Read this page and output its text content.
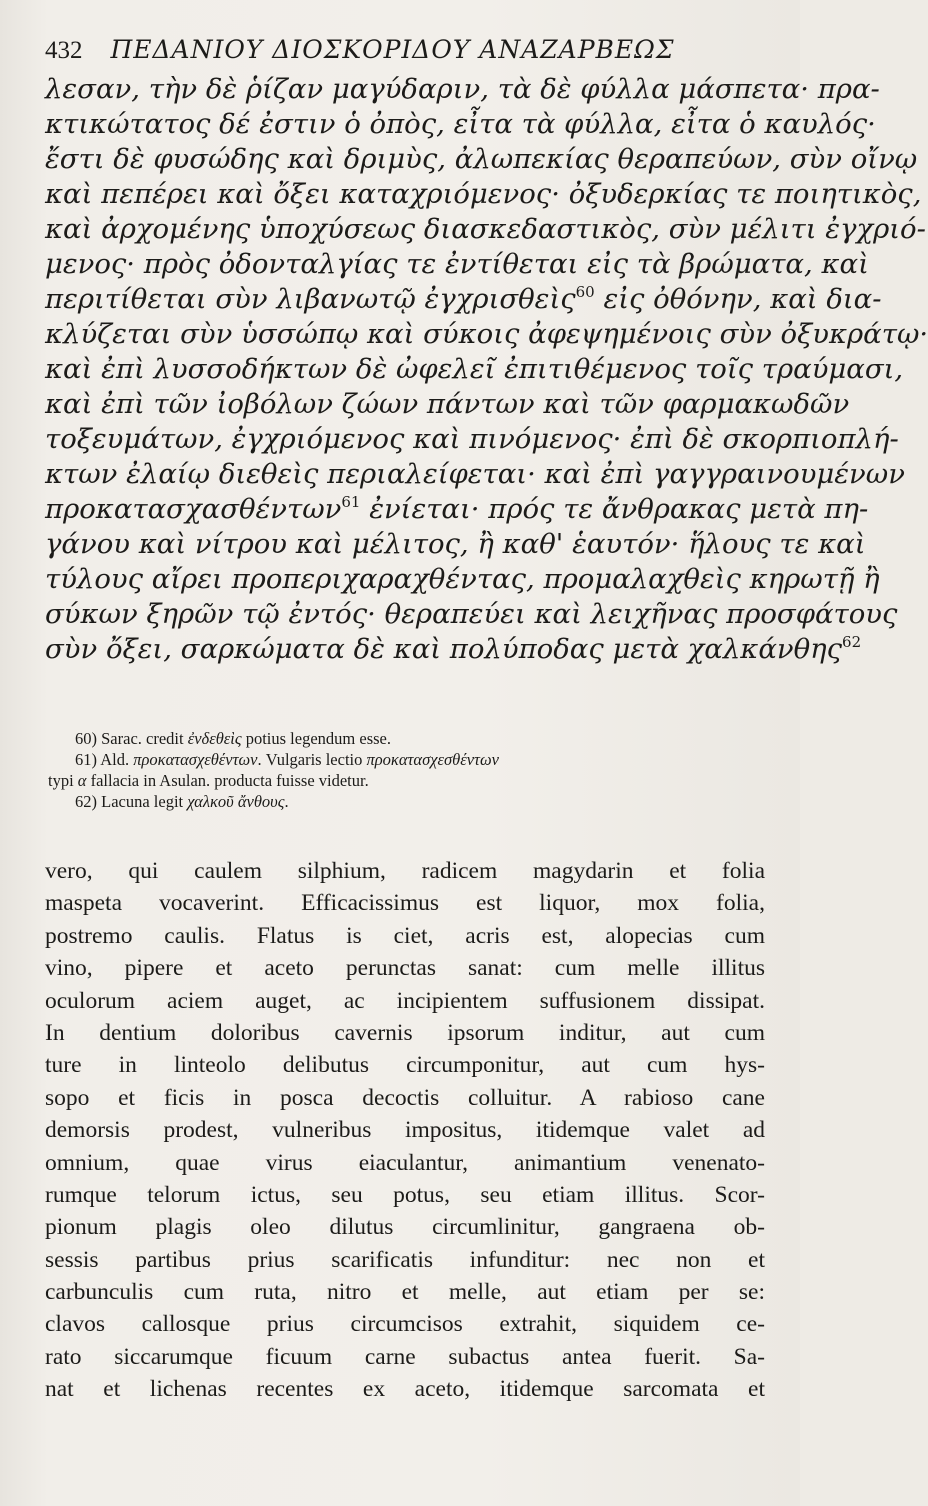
432 ΠΕΔΑΝΙΟΥ ΔΙΟΣΚΟΡΙΔΟΥ ΑΝΑΖΑΡΒΕΩΣ
λεσαν, τὴν δὲ ῥίζαν μαγύδαριν, τὰ δὲ φύλλα μάσπετα· πρα-
κτικώτατος δέ ἐστιν ὁ ὀπὸς, εἶτα τὰ φύλλα, εἶτα ὁ καυλός·
ἔστι δὲ φυσώδης καὶ δριμὺς, ἀλωπεκίας θεραπεύων, σὺν οἴνῳ
καὶ πεπέρει καὶ ὄξει καταχριόμενος· ὀξυδερκίας τε ποιητικὸς,
καὶ ἀρχομένης ὑποχύσεως διασκεδαστικὸς, σὺν μέλιτι ἐγχριό-
μενος· πρὸς ὀδονταλγίας τε ἐντίθεται εἰς τὰ βρώματα, καὶ
περιτίθεται σὺν λιβανωτῷ ἐγχρισθεὶς$^{60}$ εἰς ὀθόνην, καὶ δια-
κλύζεται σὺν ὑσσώπῳ καὶ σύκοις ἀφεψημένοις σὺν ὀξυκράτῳ·
καὶ ἐπὶ λυσσοδήκτων δὲ ὠφελεῖ ἐπιτιθέμενος τοῖς τραύμασι,
καὶ ἐπὶ τῶν ἰοβόλων ζώων πάντων καὶ τῶν φαρμακωδῶν
τοξευμάτων, ἐγχριόμενος καὶ πινόμενος· ἐπὶ δὲ σκορπιοπλή-
κτων ἐλαίῳ διεθεὶς περιαλείφεται· καὶ ἐπὶ γαγγραινουμένων
προκατασχασθέντων$^{61}$ ἐνίεται· πρός τε ἄνθρακας μετὰ πη-
γάνου καὶ νίτρου καὶ μέλιτος, ἢ καθ' ἑαυτόν· ἥλους τε καὶ
τύλους αἴρει προπεριχαραχθέντας, προμαλαχθεὶς κηρωτῇ ἢ
σύκων ξηρῶν τῷ ἐντός· θεραπεύει καὶ λειχῆνας προσφάτους
σὺν ὄξει, σαρκώματα δὲ καὶ πολύποδας μετὰ χαλκάνθης$^{62}$
60) Sarac. credit ἐνδεθεὶς potius legendum esse.
61) Ald. προκατασχεθέντων. Vulgaris lectio προκατασχεσθέντων
typi α fallacia in Asulan. producta fuisse videtur.
62) Lacuna legit χαλκοῦ ἄνθους.
vero, qui caulem silphium, radicem magydarin et folia
maspeta vocaverint. Efficacissimus est liquor, mox folia,
postremo caulis. Flatus is ciet, acris est, alopecias cum
vino, pipere et aceto perunctas sanat: cum melle illitus
oculorum aciem auget, ac incipientem suffusionem dissipat.
In dentium doloribus cavernis ipsorum inditur, aut cum
ture in linteolo delibutus circumponitur, aut cum hys-
sopo et ficis in posca decoctis colluitur. A rabioso cane
demorsis prodest, vulneribus impositus, itidemque valet ad
omnium, quae virus eiaculantur, animantium venenato-
rumque telorum ictus, seu potus, seu etiam illitus. Scor-
pionum plagis oleo dilutus circumlinitur, gangraena ob-
sessis partibus prius scarificatis infunditur: nec non et
carbunculis cum ruta, nitro et melle, aut etiam per se:
clavos callosque prius circumcisos extrahit, siquidem ce-
rato siccarumque ficuum carne subactus antea fuerit. Sa-
nat et lichenas recentes ex aceto, itidemque sarcomata et
